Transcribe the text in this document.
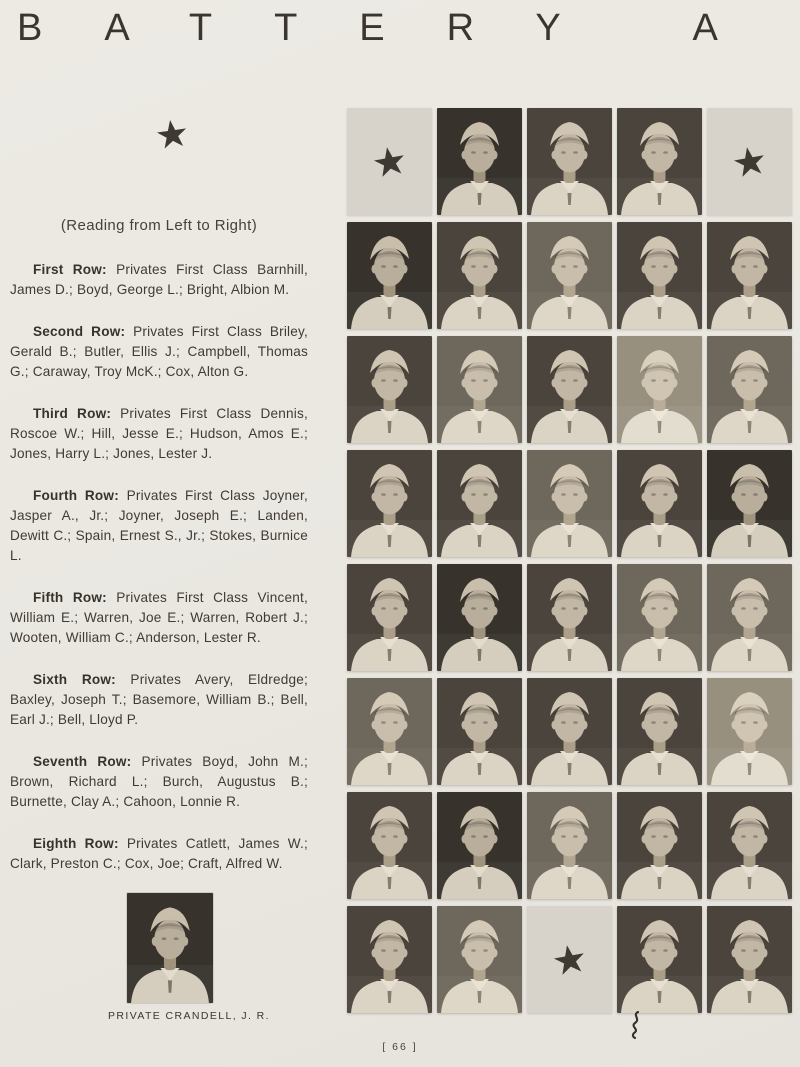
BATTERY A
(Reading from Left to Right)

First Row: Privates First Class Barnhill, James D.; Boyd, George L.; Bright, Albion M.

Second Row: Privates First Class Briley, Gerald B.; Butler, Ellis J.; Campbell, Thomas G.; Caraway, Troy McK.; Cox, Alton G.

Third Row: Privates First Class Dennis, Roscoe W.; Hill, Jesse E.; Hudson, Amos E.; Jones, Harry L.; Jones, Lester J.

Fourth Row: Privates First Class Joyner, Jasper A., Jr.; Joyner, Joseph E.; Landen, Dewitt C.; Spain, Ernest S., Jr.; Stokes, Burnice L.

Fifth Row: Privates First Class Vincent, William E.; Warren, Joe E.; Warren, Robert J.; Wooten, William C.; Anderson, Lester R.

Sixth Row: Privates Avery, Eldredge; Baxley, Joseph T.; Basemore, William B.; Bell, Earl J.; Bell, Lloyd P.

Seventh Row: Privates Boyd, John M.; Brown, Richard L.; Burch, Augustus B.; Burnette, Clay A.; Cahoon, Lonnie R.

Eighth Row: Privates Catlett, James W.; Clark, Preston C.; Cox, Joe; Craft, Alfred W.

PRIVATE CRANDELL, J. R.
[ 66 ]
